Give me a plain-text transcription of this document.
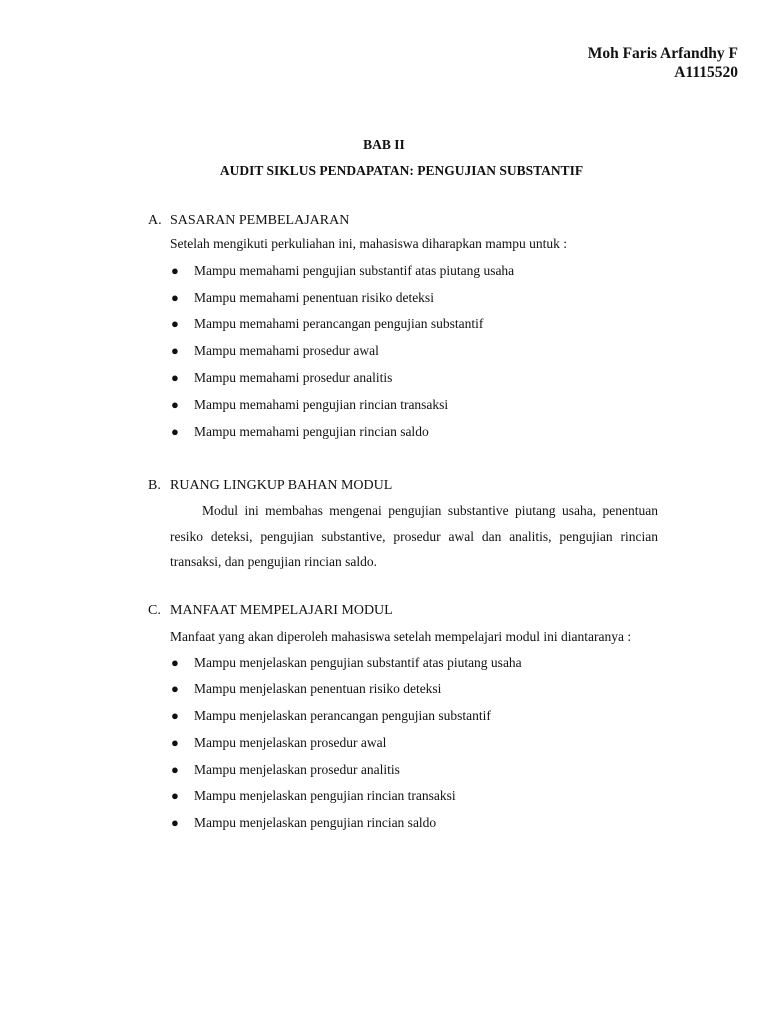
Moh Faris Arfandhy F
A1115520
BAB II
AUDIT SIKLUS PENDAPATAN: PENGUJIAN SUBSTANTIF
A. SASARAN PEMBELAJARAN
Setelah mengikuti perkuliahan ini, mahasiswa diharapkan mampu untuk :
● Mampu memahami pengujian substantif atas piutang usaha
● Mampu memahami penentuan risiko deteksi
● Mampu memahami perancangan pengujian substantif
● Mampu memahami prosedur awal
● Mampu memahami prosedur analitis
● Mampu memahami pengujian rincian transaksi
● Mampu memahami pengujian rincian saldo
B. RUANG LINGKUP BAHAN MODUL
Modul ini membahas mengenai pengujian substantive piutang usaha, penentuan resiko deteksi, pengujian substantive, prosedur awal dan analitis, pengujian rincian transaksi, dan pengujian rincian saldo.
C. MANFAAT MEMPELAJARI MODUL
Manfaat yang akan diperoleh mahasiswa setelah mempelajari modul ini diantaranya :
● Mampu menjelaskan pengujian substantif atas piutang usaha
● Mampu menjelaskan penentuan risiko deteksi
● Mampu menjelaskan perancangan pengujian substantif
● Mampu menjelaskan prosedur awal
● Mampu menjelaskan prosedur analitis
● Mampu menjelaskan pengujian rincian transaksi
● Mampu menjelaskan pengujian rincian saldo
